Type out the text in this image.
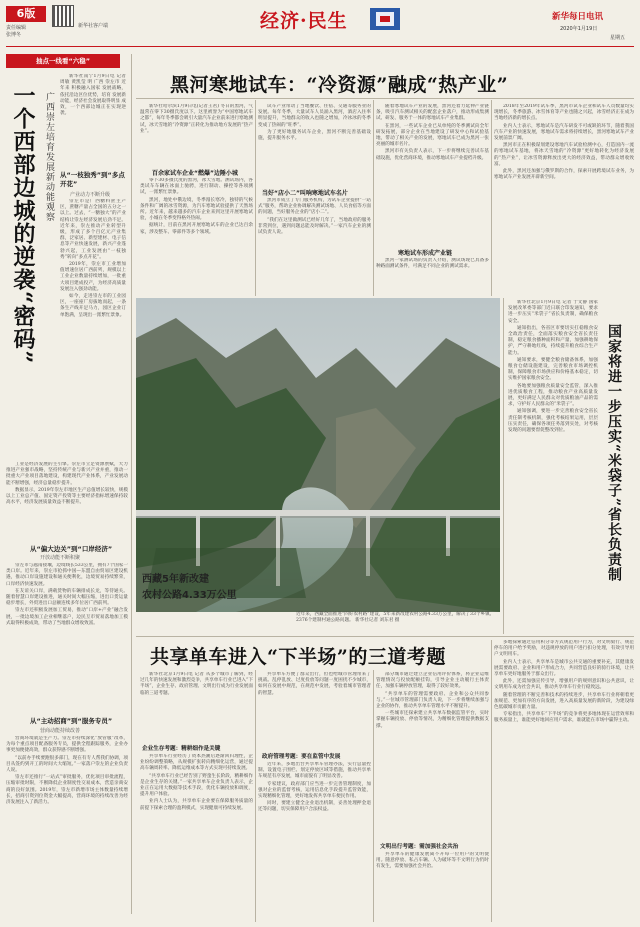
6版
责任编辑
张博冬
新华社客户端	经济·民生	新华每日电讯
2020年1月19日
星期五
抽点一线看“六稳”
一个西部边城的逆袭“密码” 广西崇左培育发展新动能观察

新华社南宁1月9日电 记者 周敏 黄凯莹 明 广西 崇左市 近年来 积极融入国家 发展战略，依托沿边区位优势，培育 发展新动能，经济社会发展取得明显 成效，一个西部边城正在实现逆袭。

从“一枝独秀”到“多点开花”
产业动力不断升级

崇左市是广西糖料蔗主产区，蔗糖产量占全国的五分之一以上。过去，“一糖独大”的产业结构让崇左经济发展后劲不足。近年来，崇左推动产业转型升级，形成了多个百亿元产业集群，泛家居、新型建材、电子信息等产业快速发展，新兴产业蓬勃兴起，工业发展由“一枝独秀”转向“多点开花”。

2019年，崇左市工业增加值增速位居广西前列，规模以上工业企业数量持续增加，一批重大项目建成投产，为经济高质量发展注入强劲动能。

如今，走进崇左市的工业园区，一座座厂房拔地而起，一条条生产线开足马力，园区企业订单饱满，呈现出一派繁忙景象。

工业是经济发展的主引擎。崇左市立足资源禀赋，大力推进产业强市战略，坚持传统产业与新兴产业并重，推动一批重大产业项目落地建设，构建现代产业体系，产业发展动能不断增强，经济总量稳步提升。

数据显示，2019年崇左市地区生产总值增长较快，规模以上工业总产值、固定资产投资等主要经济指标增速保持较高水平，经济发展质量效益不断提升。

从“偏大边关”到“口岸经济”
开放动能不断积聚

崇左市与越南接壤，边境线长533公里，拥有7个国家一类口岸。近年来，崇左市抢抓中国—东盟自由贸易区建设机遇，推动口岸设施建设和通关便利化，边境贸易持续繁荣，口岸经济快速发展。

在友谊关口岸，满载货物的车辆排成长龙，等待通关。随着智慧口岸建设推进，通关时间大幅压缩，进出口货运量稳步增长，外贸进出口总额连续多年位居广西前列。

崇左市还积极发展加工贸易，推动“口岸+产业”融合发展，一批边境加工企业相继落户，边民互市贸易落地加工模式取得积极成效，带动了当地群众增收致富。

从“主动招商”到“服务专员”
营商动能持续改善

营商环境就是生产力。崇左市持续深化“放管服”改革，为每个重点项目配备服务专员，提供全程跟踪服务，企业办事更加便捷高效，群众获得感不断增强。

“以前办手续要跑很多部门，现在有专人帮我们协调，项目从签约到开工的时间大大缩短。”一家落户崇左的企业负责人说。

崇左市还推行“一站式”审批服务，优化项目审批流程，压缩审批时限，不断降低企业制度性交易成本，营造亲商安商的良好氛围。2019年，崇左市新增市场主体数量持续增长，招商引资到位资金大幅提高，营商环境的持续改善为经济发展注入了新活力。

黑河寒地试车：“冷资源”融成“热产业”

新华社哈尔滨1月9日电(记者王君) 冬日的黑河，气温常在零下30摄氏度以下。这里被誉为“中国寒地试车之都”，每年冬季都会吸引大量汽车企业前来进行寒地测试，冰天雪地的“冷资源”正转化为推动地方发展的“热产业”。

百余家试车企业“燃爆”边陲小城

零下30多摄氏度的黑河，冰天雪地。测试场内，各类试车车辆在冰面上驰骋，进行制动、操控等各项测试，一派繁忙景象。

黑河，地处中俄边境，冬季漫长寒冷，独特的气候条件和广阔的冰雪资源，为汽车寒地试验提供了天然场所。近年来，越来越多的汽车企业来到这里开展寒地试验，小城在冬季变得格外热闹。

据统计，目前在黑河开展寒地试车的企业已达百余家，涉及整车、零部件等多个领域。

试车产业带动了当地餐饮、住宿、交通等服务业的发展。每年冬季，大量试车人员涌入黑河，酒店入住率明显提升，当地群众的收入也随之增加，冷冰冰的冬季变成了热闹的“旺季”。

为了更好地服务试车企业，黑河不断完善基础设施，提升服务水平。

当好“店小二”叫响寒地试车名片

黑河市成立了专门服务机构，为试车企业提供“一站式”服务，帮助企业协调解决测试场地、人员食宿等方面的问题，当好服务企业的“店小二”。

“我们在这里做测试已经好几年了，当地政府的服务非常到位，遇到问题总能及时解决。”一家汽车企业的测试负责人说。

随着寒地试车产业的发展，黑河还着力延伸产业链条，吸引汽车测试相关的配套企业落户，推动形成集测试、研发、服务于一体的寒地试车产业集群。

在黑河，一些试车企业已从单纯的冬季测试向全年研发拓展，部分企业在当地建设了研发中心和试验基地，带动了相关产业的发展，寒地试车已成为黑河一张亮丽的城市名片。

黑河市有关负责人表示，下一步将继续完善试车基础设施，优化营商环境，推动寒地试车产业提档升级。

寒地试车形成产业链

黑河一家测试场的负责人介绍，测试场现已具备多种路面测试条件，可满足不同企业的测试需求。

2018年至2019年试车季，黑河市试车企业和试车人员数量均实现增长，冬季旅游、冰雪体育等产业也随之兴起，冰雪经济正在成为当地经济新的增长点。

业内人士表示，寒地试车是汽车研发不可或缺的环节，随着我国汽车产业的快速发展，寒地试车需求将持续增长，黑河寒地试车产业发展前景广阔。

黑河市正在积极谋划建设寒地汽车试验检测中心，打造国内一流的寒地试车基地，将冰天雪地的“冷资源”更好地转化为经济发展的“热产业”，让冰雪资源释放出更大的经济效益，带动群众增收致富。

此外，黑河还加强与俄罗斯的合作，探索开展跨境试车业务，为寒地试车产业发展开辟新空间。

西藏5年新改建
农村公路4.33万公里
近年来，西藏全面推进“四好农村路”建设，5年来新改建农村公路4.33万公里，解决了33个乡镇、2376个建制村通公路问题。 新华社记者 刘东君 摄

新华社北京1月9日电 记者 于文静 国家发展改革委等部门近日联合印发通知，要求进一步压实“米袋子”省长负责制，确保粮食安全。

通知指出，各省区市要切实扛稳粮食安全政治责任，全面落实粮食安全省长责任制，稳定粮食播种面积和产量，加强耕地保护，严守耕地红线，持续提升粮食综合生产能力。

通知要求，要健全粮食储备体系，加强粮食仓储设施建设，完善粮食市场调控机制，保障粮食市场供应和价格基本稳定，切实维护国家粮食安全。

各地要加强粮食质量安全监管，深入推进优质粮食工程，推动粮食产业高质量发展，更好满足人民群众对优质粮油产品的需求，守护好人民群众的“米袋子”。

通知强调，要进一步完善粮食安全省长责任制考核机制，强化考核结果运用，层层压实责任，确保各项任务落到实处，对考核发现的问题要督促整改到位。	国家将进一步压实“米袋子”省长负责制
共享单车进入“下半场”的三道考题

新华社北京1月9日电 记者 从多个城市了解到，经过几年的快速发展和激烈竞争，共享单车行业已进入“下半场”，企业生存、政府管理、文明出行成为行业发展面临的三道考题。

企业生存考题：精耕细作是关键

共享单车行业经历了资本热潮后逐渐回归理性，企业纷纷调整策略，从规模扩张转向精细化运营，通过提高车辆周转率、降低运维成本等方式实现可持续发展。

“共享单车行业已经告别了野蛮生长阶段，精耕细作是企业生存的关键。”一家共享单车企业负责人表示，企业正在运用大数据等技术手段，优化车辆投放和调度，提升用户体验。

业内人士认为，共享单车企业要在保障服务质量的前提下探索合理的盈利模式，实现健康可持续发展。

共享单车方便了群众出行，但也给城市管理带来了挑战。乱停乱放、过度投放等问题一度困扰不少城市，如何在发展中规范，在规范中发展，考验着城市管理者的智慧。

政府管理考题：要在监管中发展

近年来，多地出台共享单车管理办法，实行总量控制、设置电子围栏、划定停放区域等措施，推动共享单车规范有序发展，城市面貌有了明显改善。

专家建议，政府部门应当进一步完善管理制度，加强对企业的监督考核，运用信息化手段提升监管效能，实现精细化管理，更好地发挥共享单车便民作用。

同时，要建立健全企业退出机制，妥善处理押金退还等问题，切实保障用户合法权益。

部分城市通过建立企业信用评价体系，将企业运维管理情况与投放配额挂钩，引导企业主动履行主体责任，加强车辆停放管理，取得了较好效果。

“共享单车的管理需要政府、企业和公众共同参与。”一位城市管理部门负责人说，下一步将继续加强与企业的协作，推动共享单车管理水平不断提升。

一些城市还探索建立共享单车数据监管平台，实时掌握车辆投放、停放等情况，为精细化管理提供数据支撑。

文明出行考题：需加强社会共治

共享单车的健康发展离不开每一位用户的文明使用。随意停放、私占车辆、人为破坏等不文明行为仍时有发生，需要加强社会共治。

多地探索通过信用积分等方式规范用户行为，对文明骑行、规范停车的用户给予奖励，对违规停放的用户进行扣分处理，有效引导用户文明用车。

业内人士表示，共享单车是城市公共交通的重要补充，其健康发展需要政府、企业和用户形成合力，共同营造良好的骑行环境，让共享单车更好地服务于群众出行。

此外，还需加强宣传引导，增强用户的规则意识和公共意识，让文明用车成为社会共识，推动共享单车行业行稳致远。

随着管理的不断完善和技术的持续进步，共享单车行业将朝着更加规范、更加有序的方向发展，进入高质量发展的新阶段，为建设绿色低碳城市贡献力量。

专家指出，共享单车“下半场”的竞争将更多地体现在运营效率和服务质量上，谁能更好地回应用户需求，谁就能在市场中赢得主动。
